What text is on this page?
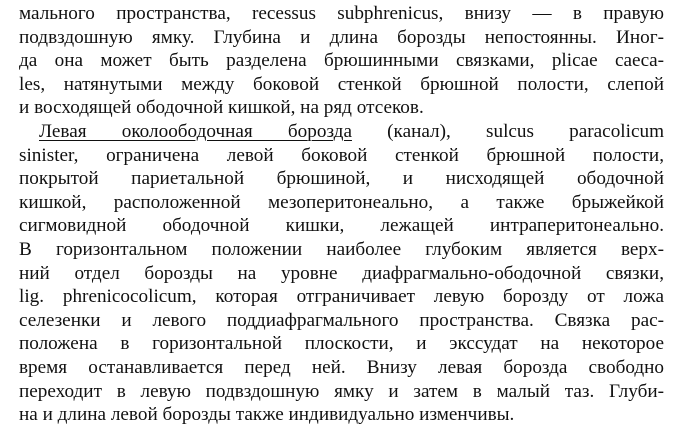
мального пространства, recessus subphrenicus, внизу — в правую
подвздошную ямку. Глубина и длина борозды непостоянны. Иног-
да она может быть разделена брюшинными связками, plicae caeca-
les, натянутыми между боковой стенкой брюшной полости, слепой
и восходящей ободочной кишкой, на ряд отсеков.
Левая околоободочная борозда (канал), sulcus paracolicum
sinister, ограничена левой боковой стенкой брюшной полости,
покрытой париетальной брюшиной, и нисходящей ободочной
кишкой, расположенной мезоперитонеально, а также брыжейкой
сигмовидной ободочной кишки, лежащей интраперитонеально.
В горизонтальном положении наиболее глубоким является верх-
ний отдел борозды на уровне диафрагмально-ободочной связки,
lig. phrenicocolicum, которая отграничивает левую борозду от ложа
селезенки и левого поддиафрагмального пространства. Связка рас-
положена в горизонтальной плоскости, и экссудат на некоторое
время останавливается перед ней. Внизу левая борозда свободно
переходит в левую подвздошную ямку и затем в малый таз. Глуби-
на и длина левой борозды также индивидуально изменчивы.
